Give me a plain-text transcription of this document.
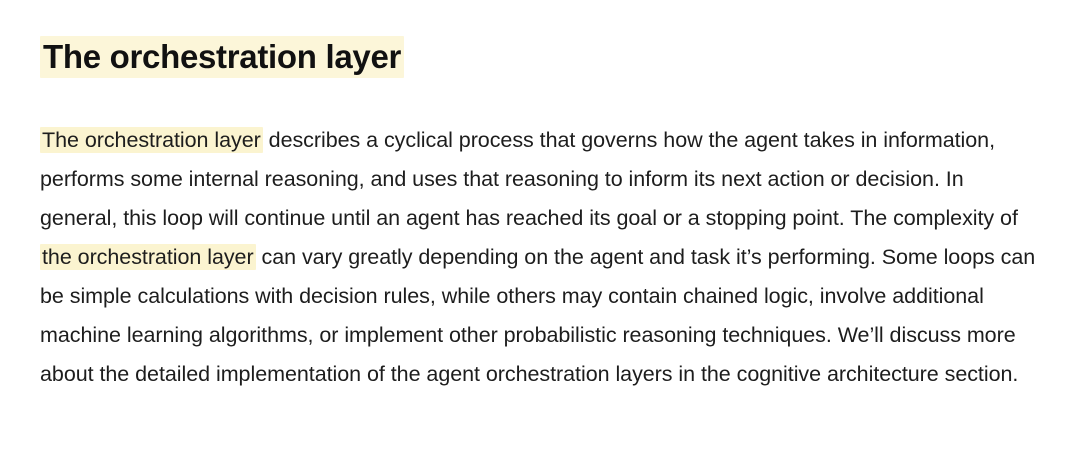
The orchestration layer

The orchestration layer describes a cyclical process that governs how the agent takes in information, performs some internal reasoning, and uses that reasoning to inform its next action or decision. In general, this loop will continue until an agent has reached its goal or a stopping point. The complexity of the orchestration layer can vary greatly depending on the agent and task it’s performing. Some loops can be simple calculations with decision rules, while others may contain chained logic, involve additional machine learning algorithms, or implement other probabilistic reasoning techniques. We’ll discuss more about the detailed implementation of the agent orchestration layers in the cognitive architecture section.
